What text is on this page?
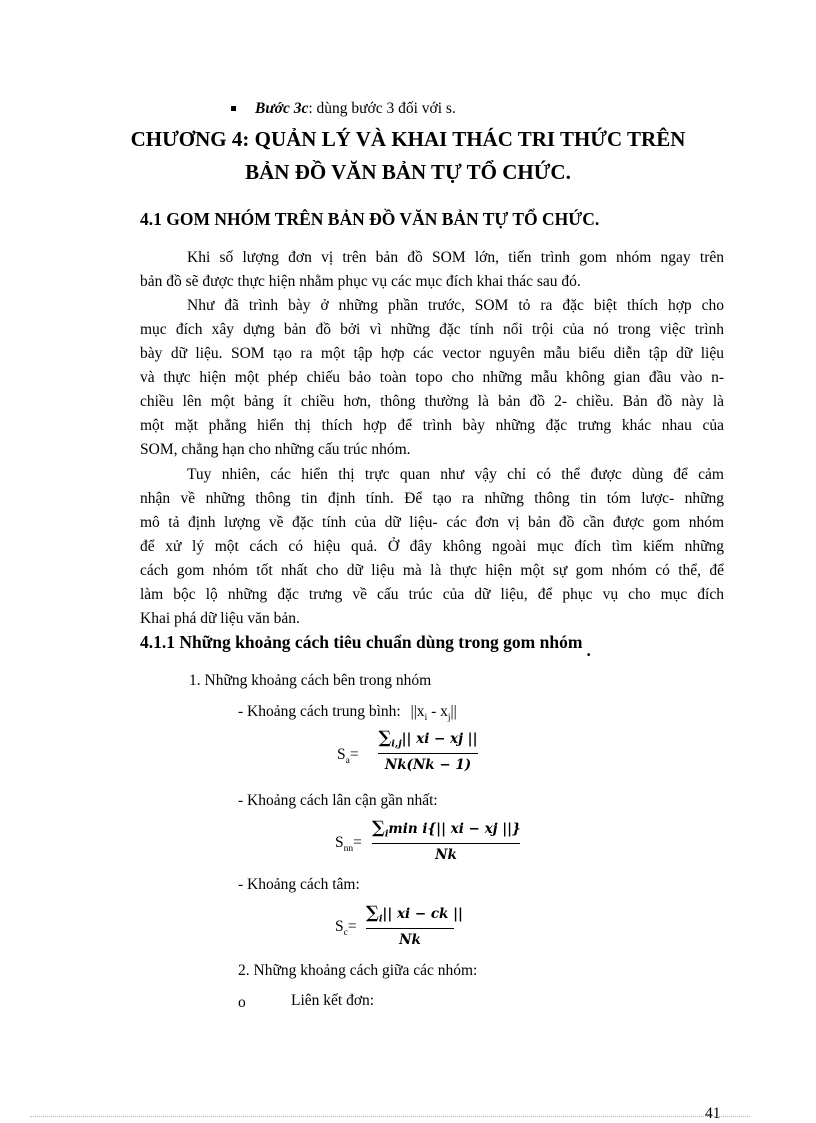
Bước 3c: dùng bước 3 đối với s.
CHƯƠNG 4: QUẢN LÝ VÀ KHAI THÁC TRI THỨC TRÊN
BẢN ĐỒ VĂN BẢN TỰ TỔ CHỨC.
4.1 GOM NHÓM TRÊN BẢN ĐỒ VĂN BẢN TỰ TỔ CHỨC.
Khi số lượng đơn vị trên bản đồ SOM lớn, tiến trình gom nhóm ngay trên
bản đồ sẽ được thực hiện nhằm phục vụ các mục đích khai thác sau đó.
Như đã trình bày ở những phần trước, SOM tỏ ra đặc biệt thích hợp cho
mục đích xây dựng bản đồ bởi vì những đặc tính nổi trội của nó trong việc trình
bày dữ liệu. SOM tạo ra một tập hợp các vector nguyên mẫu biểu diễn tập dữ liệu
và thực hiện một phép chiếu bảo toàn topo cho những mẫu không gian đầu vào n-
chiều lên một bảng ít chiều hơn, thông thường là bản đồ 2- chiều. Bản đồ này là
một mặt phẳng hiển thị thích hợp để trình bày những đặc trưng khác nhau của
SOM, chẳng hạn cho những cấu trúc nhóm.
Tuy nhiên, các hiển thị trực quan như vậy chỉ có thể được dùng để cảm
nhận về những thông tin định tính. Để tạo ra những thông tin tóm lược- những
mô tả định lượng về đặc tính của dữ liệu- các đơn vị bản đồ cần được gom nhóm
để xử lý một cách có hiệu quả. Ở đây không ngoài mục đích tìm kiếm những
cách gom nhóm tốt nhất cho dữ liệu mà là thực hiện một sự gom nhóm có thể, để
làm bộc lộ những đặc trưng về cấu trúc của dữ liệu, để phục vụ cho mục đích
Khai phá dữ liệu văn bản.
4.1.1 Những khoảng cách tiêu chuẩn dùng trong gom nhóm .
1. Những khoảng cách bên trong nhóm
- Khoảng cách trung bình: $||x_i - x_j||$
$S_a=$
$\sum_{i,j}||$ xi − xj ||
Nk(Nk − 1)
- Khoảng cách lân cận gần nhất:
$S_{nn}=$
$\sum_i\min$ i{|| xi − xj ||}
Nk
- Khoảng cách tâm:
$S_c=$
$\sum_i||$ xi − ck ||
Nk
2. Những khoảng cách giữa các nhóm:
o	Liên kết đơn:
41
